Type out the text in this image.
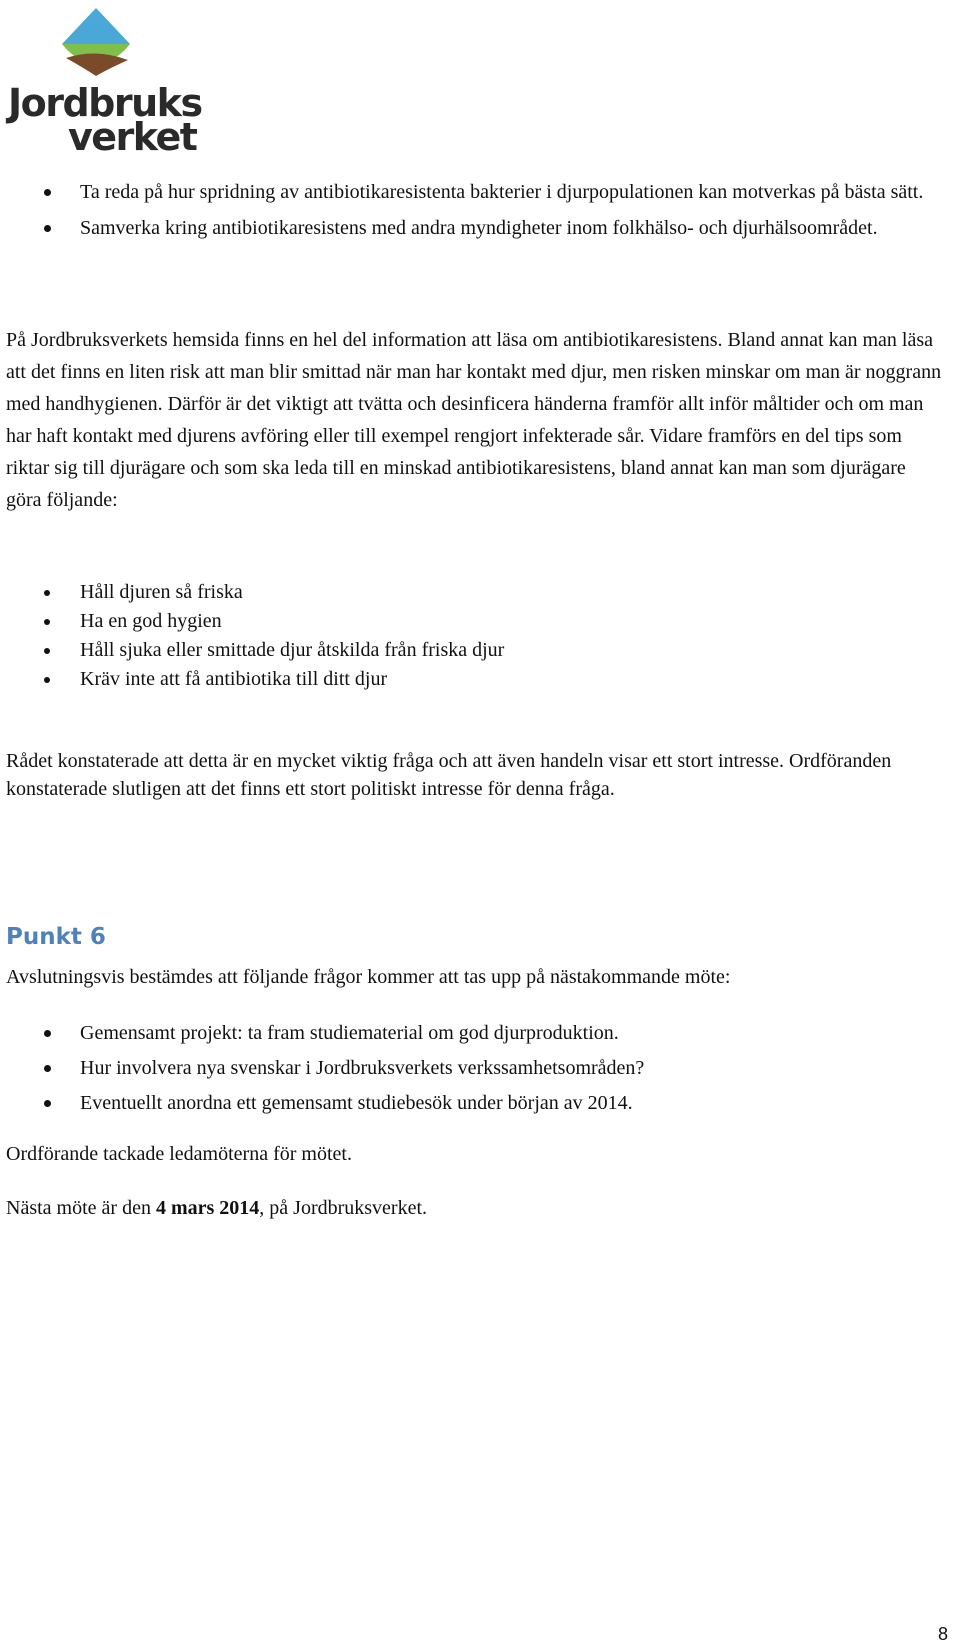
Jordbruks
verket
Ta reda på hur spridning av antibiotikaresistenta bakterier i djurpopulationen kan motverkas på bästa sätt.
Samverka kring antibiotikaresistens med andra myndigheter inom folkhälso- och djurhälsoområdet.

På Jordbruksverkets hemsida finns en hel del information att läsa om antibiotikaresistens. Bland annat kan man läsa att det finns en liten risk att man blir smittad när man har kontakt med djur, men risken minskar om man är noggrann med handhygienen. Därför är det viktigt att tvätta och desinficera händerna framför allt inför måltider och om man har haft kontakt med djurens avföring eller till exempel rengjort infekterade sår. Vidare framförs en del tips som riktar sig till djurägare och som ska leda till en minskad antibiotikaresistens, bland annat kan man som djurägare göra följande:

Håll djuren så friska
Ha en god hygien
Håll sjuka eller smittade djur åtskilda från friska djur
Kräv inte att få antibiotika till ditt djur

Rådet konstaterade att detta är en mycket viktig fråga och att även handeln visar ett stort intresse. Ordföranden konstaterade slutligen att det finns ett stort politiskt intresse för denna fråga.

Punkt 6

Avslutningsvis bestämdes att följande frågor kommer att tas upp på nästakommande möte:

Gemensamt projekt: ta fram studiematerial om god djurproduktion.
Hur involvera nya svenskar i Jordbruksverkets verkssamhetsområden?
Eventuellt anordna ett gemensamt studiebesök under början av 2014.

Ordförande tackade ledamöterna för mötet.

Nästa möte är den 4 mars 2014, på Jordbruksverket.

8
